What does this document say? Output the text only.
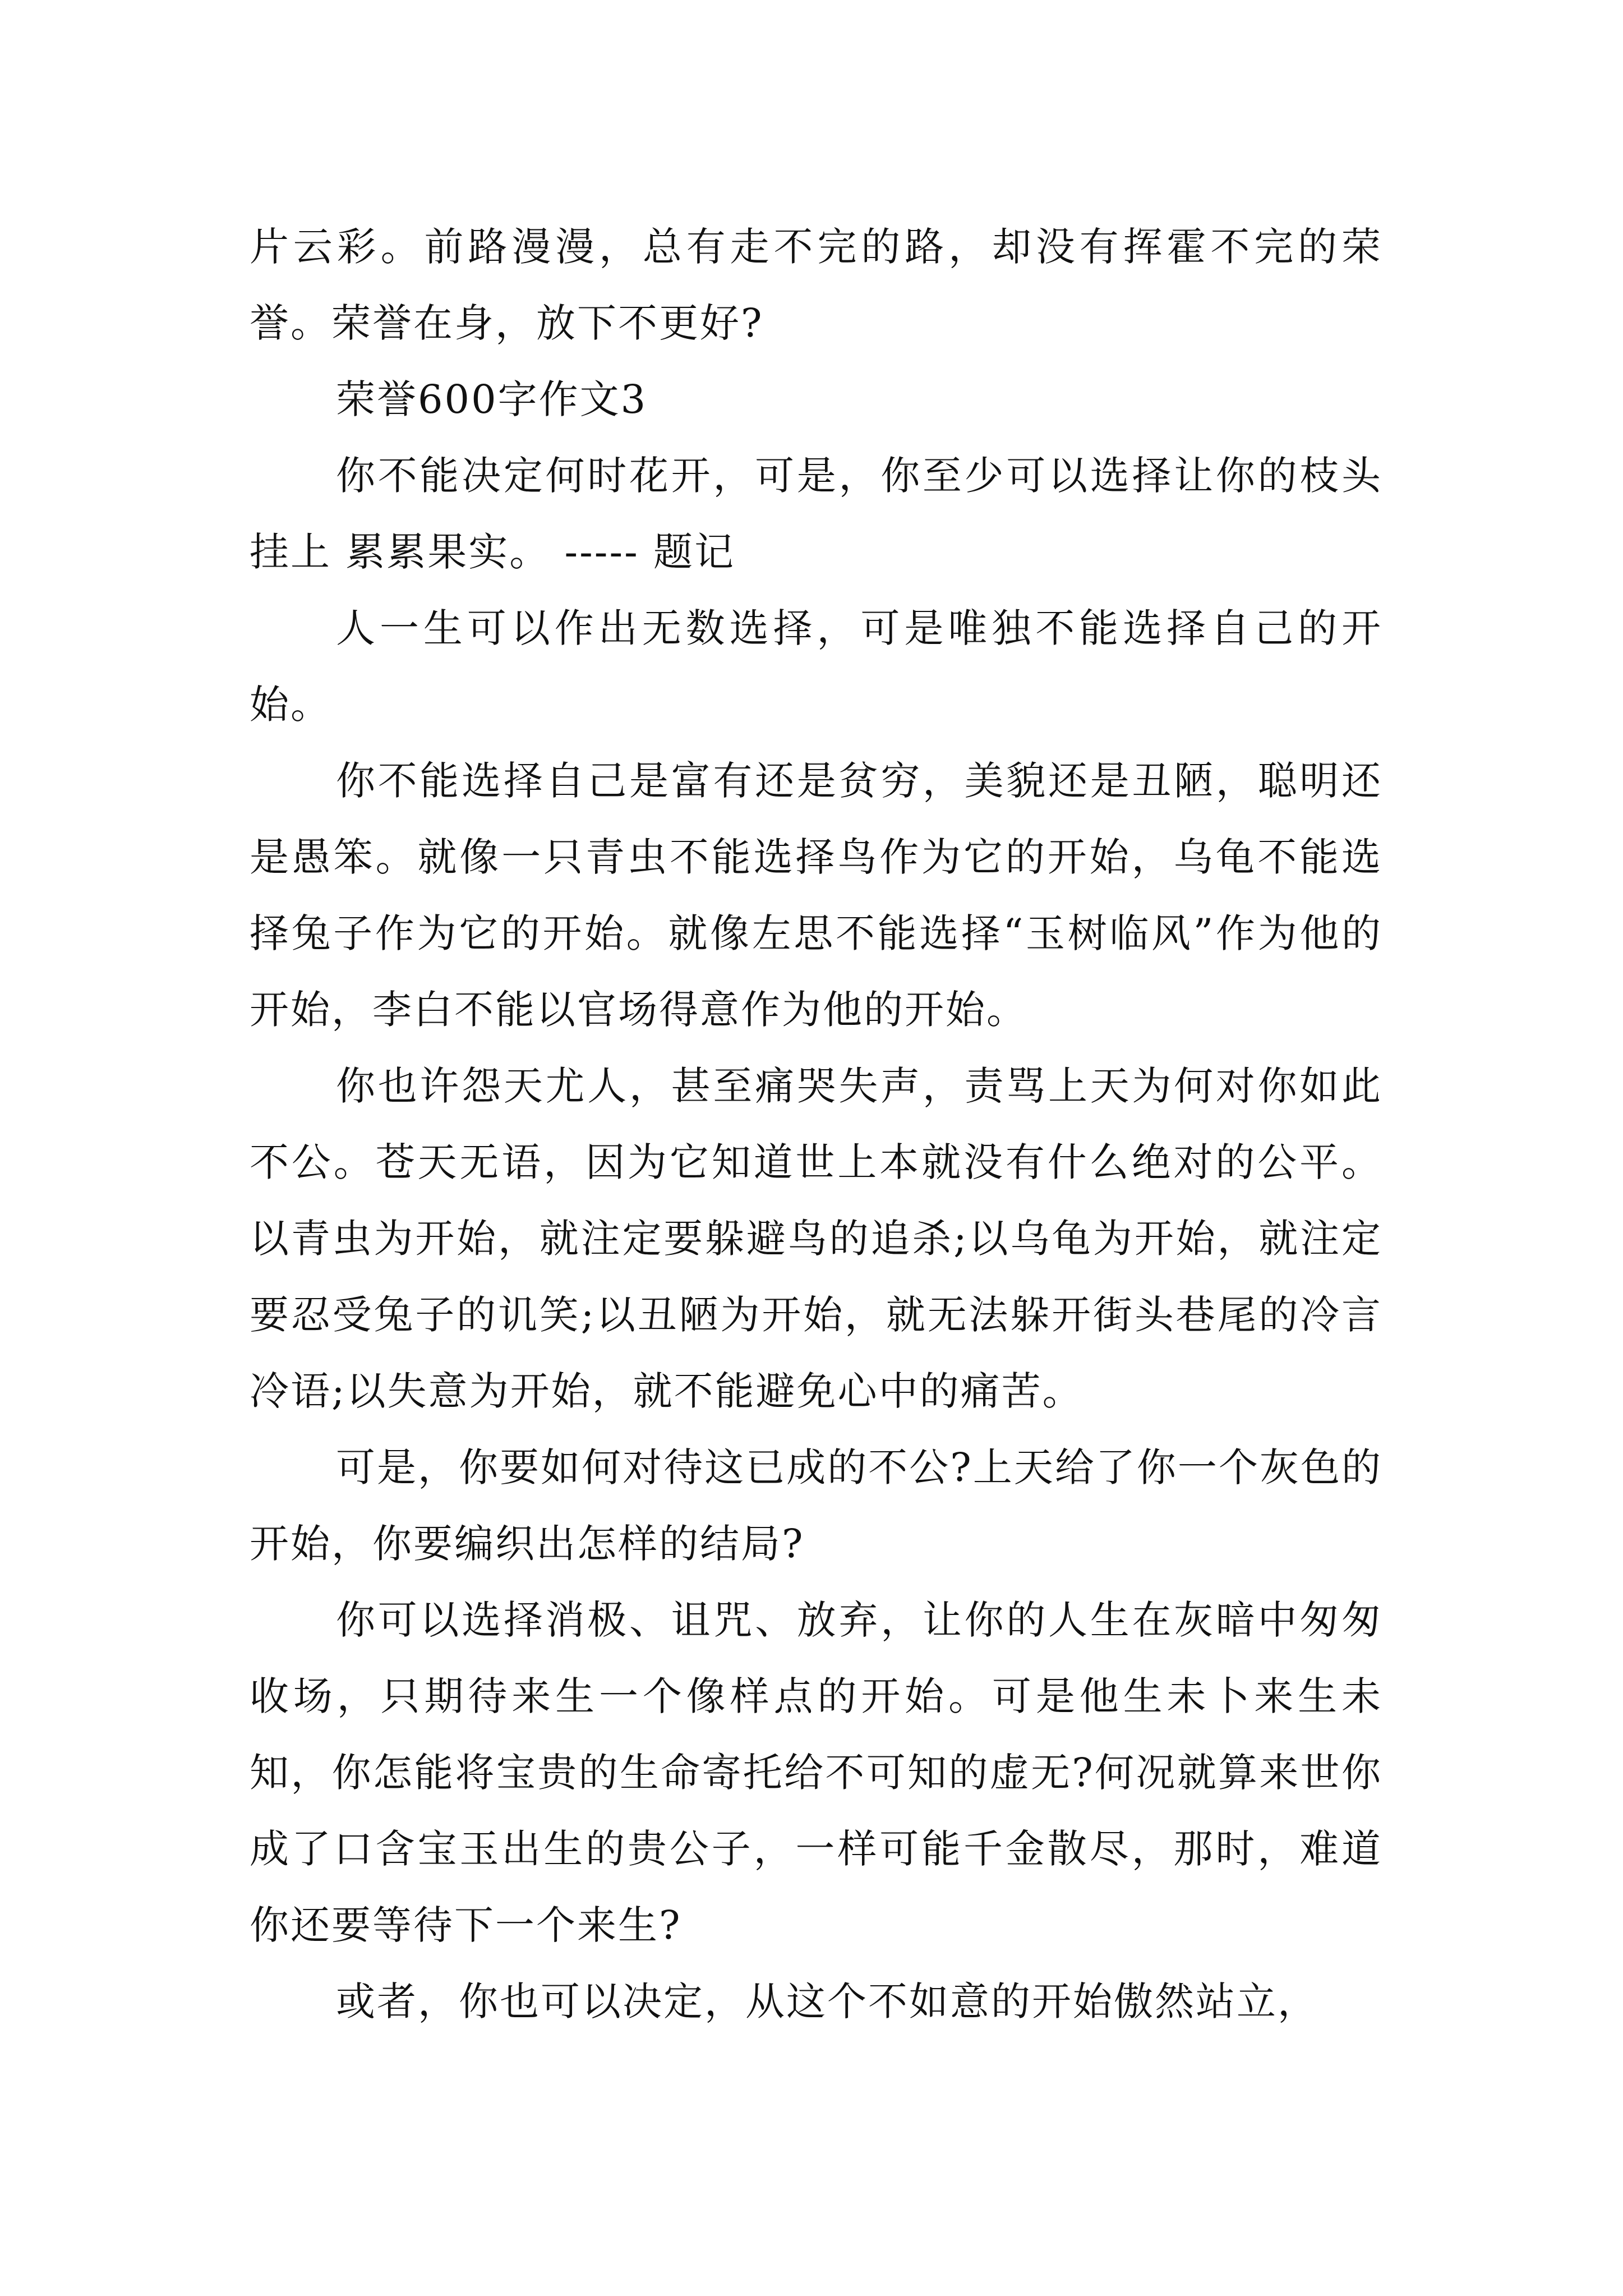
片云彩。前路漫漫，总有走不完的路，却没有挥霍不完的荣誉。荣誉在身，放下不更好?

荣誉600字作文3

你不能决定何时花开，可是，你至少可以选择让你的枝头挂上 累累果实。 ----- 题记

人一生可以作出无数选择，可是唯独不能选择自己的开始。

你不能选择自己是富有还是贫穷，美貌还是丑陋，聪明还是愚笨。就像一只青虫不能选择鸟作为它的开始，乌龟不能选择兔子作为它的开始。就像左思不能选择“玉树临风”作为他的开始，李白不能以官场得意作为他的开始。

你也许怨天尤人，甚至痛哭失声，责骂上天为何对你如此不公。苍天无语，因为它知道世上本就没有什么绝对的公平。以青虫为开始，就注定要躲避鸟的追杀;以乌龟为开始，就注定要忍受兔子的讥笑;以丑陋为开始，就无法躲开街头巷尾的冷言冷语;以失意为开始，就不能避免心中的痛苦。

可是，你要如何对待这已成的不公?上天给了你一个灰色的开始，你要编织出怎样的结局?

你可以选择消极、诅咒、放弃，让你的人生在灰暗中匆匆收场，只期待来生一个像样点的开始。可是他生未卜来生未知，你怎能将宝贵的生命寄托给不可知的虚无?何况就算来世你成了口含宝玉出生的贵公子，一样可能千金散尽，那时，难道你还要等待下一个来生?

或者，你也可以决定，从这个不如意的开始傲然站立，
